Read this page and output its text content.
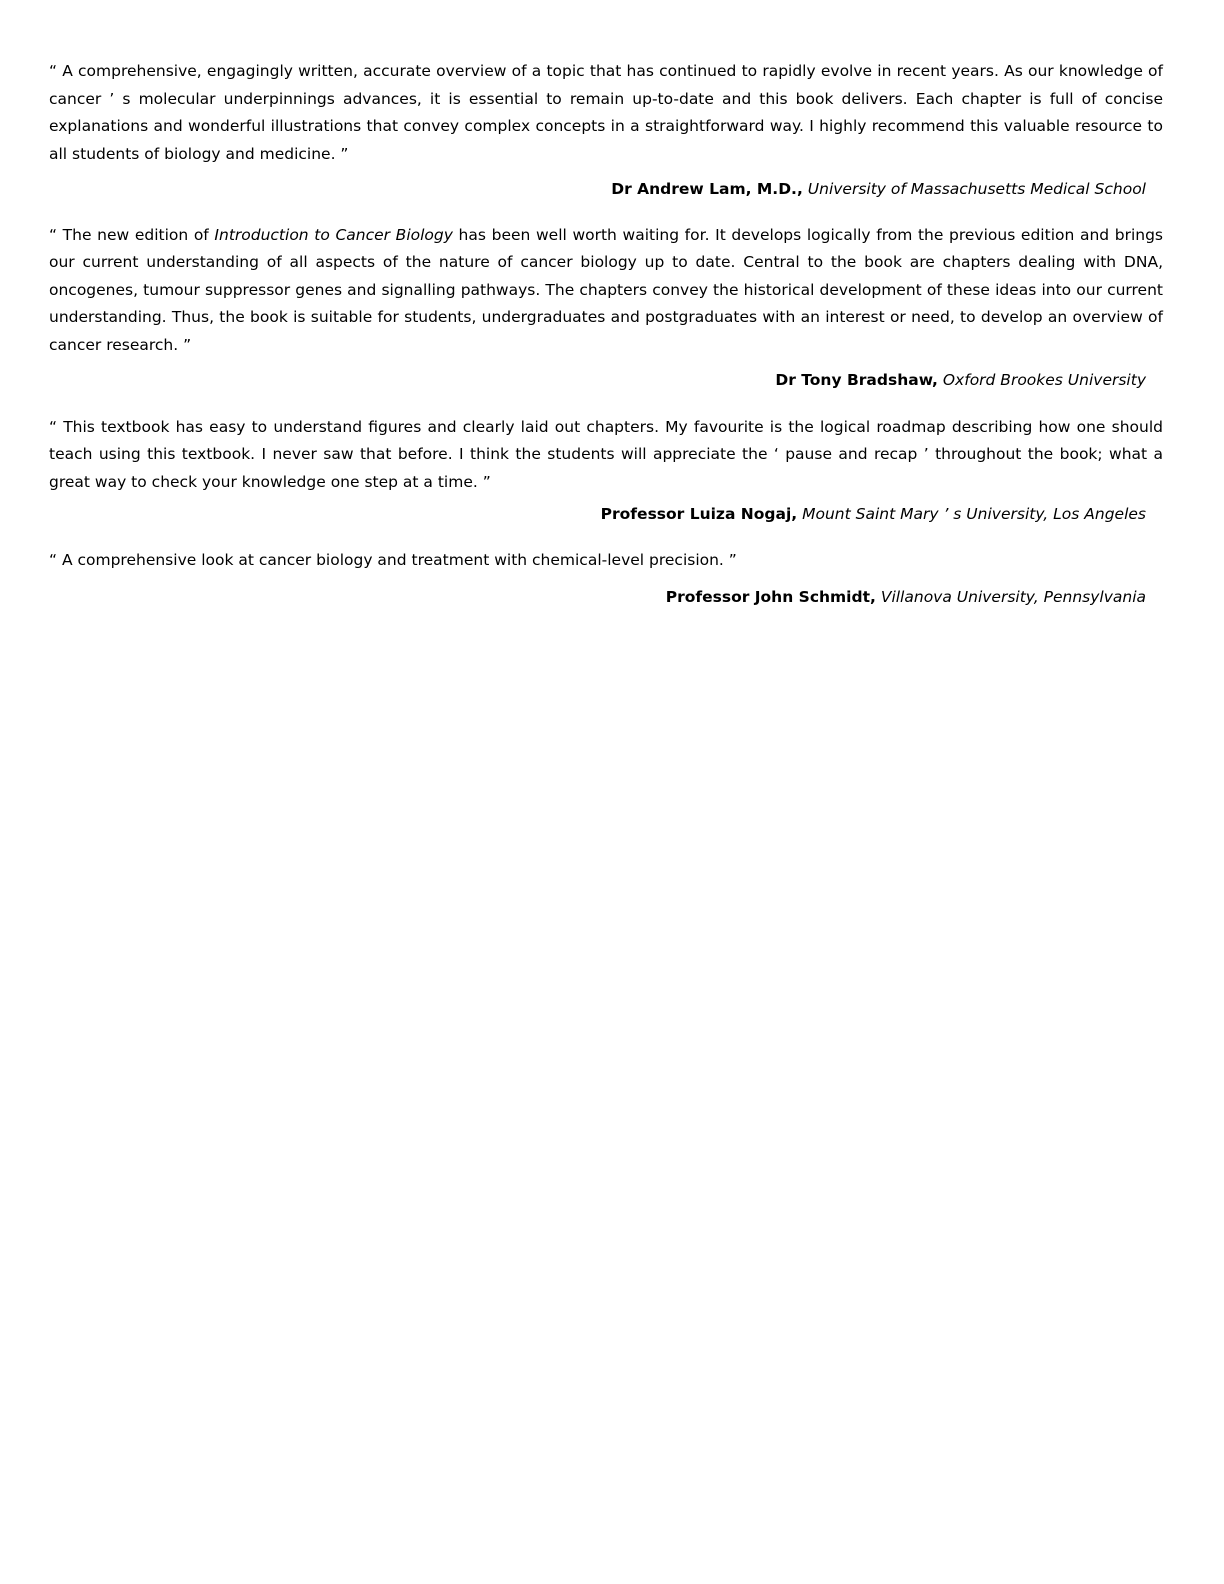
“ A comprehensive, engagingly written, accurate overview of a topic that has continued to rapidly evolve in recent years. As our knowledge of cancer ’ s molecular underpinnings advances, it is essential to remain up-to-date and this book delivers. Each chapter is full of concise explanations and wonderful illustrations that convey complex concepts in a straightforward way. I highly recommend this valuable resource to all students of biology and medicine. ”

Dr Andrew Lam, M.D., University of Massachusetts Medical School

“ The new edition of Introduction to Cancer Biology has been well worth waiting for. It develops logically from the previous edition and brings our current understanding of all aspects of the nature of cancer biology up to date. Central to the book are chapters dealing with DNA, oncogenes, tumour suppressor genes and signalling pathways. The chapters convey the historical development of these ideas into our current understanding. Thus, the book is suitable for students, undergraduates and postgraduates with an interest or need, to develop an overview of cancer research. ”

Dr Tony Bradshaw, Oxford Brookes University

“ This textbook has easy to understand figures and clearly laid out chapters. My favourite is the logical roadmap describing how one should teach using this textbook. I never saw that before. I think the students will appreciate the ‘ pause and recap ’ throughout the book; what a great way to check your knowledge one step at a time. ”

Professor Luiza Nogaj, Mount Saint Mary ’ s University, Los Angeles

“ A comprehensive look at cancer biology and treatment with chemical-level precision. ”

Professor John Schmidt, Villanova University, Pennsylvania
